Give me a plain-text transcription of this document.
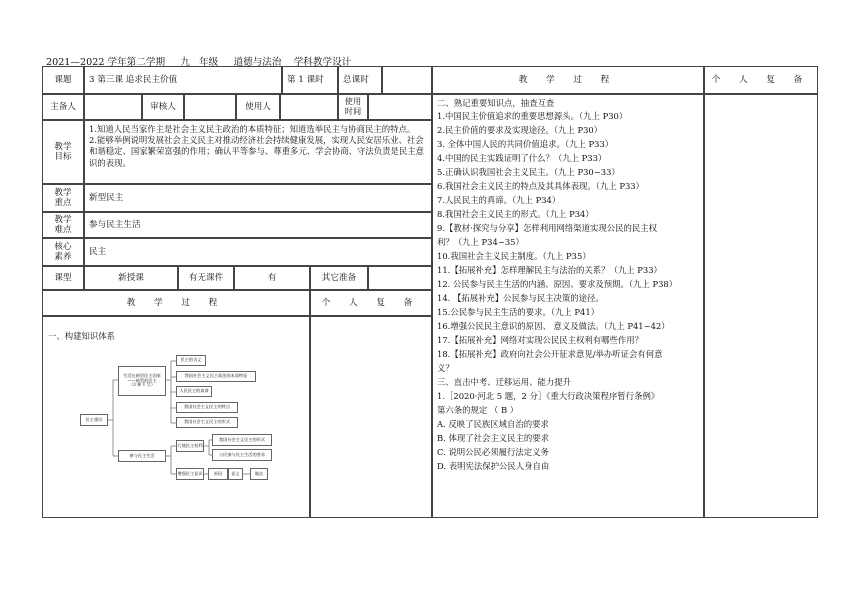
2021—2022 学年第二学期 九 年级 道德与法治 学科教学设计
课题	3 第三课 追求民主价值	第 1 课时	总课时
主备人	审核人	使用人
使用时间
教学目标
1.知道人民当家作主是社会主义民主政治的本质特征；知道选举民主与协商民主的特点。
2.能够举例说明发展社会主义民主对推动经济社会持续健康发展，实现人民安居乐业、社会和谐稳定、国家繁荣富强的作用；确认平等参与、尊重多元、学会协商、守法负责是民主意识的表现。
教学重点
新型民主
教学难点
参与民主生活
核心素养
民主
课型	新授课	有无课件	有	其它准备
教 学 过 程	个 人 复 备
一、构建知识体系
民主建设
生活在新型民主国家——新型的民主
（3 种 1 号）
民主的含义
我国社会主义民主政治的本质特征
人民民主的真谛
我国社会主义民主的特点
我国社会主义民主的形式
参与民主生活
行使民主权利
增强民主意识
我国社会主义民主的形式
公民参与民主生活的要求
原因	意义	做法
教 学 过 程	个 人 复 备
二、熟记重要知识点，抽查互查
1.中国民主价值追求的重要思想源头。（九上 P30）
2.民主价值的要求及实现途径。（九上 P30）
3. 全体中国人民的共同价值追求。（九上 P33）
4.中国的民主实践证明了什么？（九上 P33）
5.正确认识我国社会主义民主。（九上 P30~33）
6.我国社会主义民主的特点及其具体表现。（九上 P33）
7.人民民主的真谛。（九上 P34）
8.我国社会主义民主的形式。（九上 P34）
9.【教材·探究与分享】怎样利用网络渠道实现公民的民主权
利？（九上 P34~35）
10.我国社会主义民主制度。（九上 P35）
11.【拓展补充】怎样理解民主与法治的关系？（九上 P33）
12. 公民参与民主生活的内涵、原因、要求及预期。（九上 P38）
14. 【拓展补充】公民参与民主决策的途径。
15.公民参与民主生活的要求。（九上 P41）
16.增强公民民主意识的原因、 意义及做法。（九上 P41~42）
17.【拓展补充】网络对实现公民民主权利有哪些作用？
18.【拓展补充】政府向社会公开征求意见/举办听证会有何意
义？
三、直击中考、迁移运用、能力提升
1.［2020·河北 5 题，2 分］《重大行政决策程序暂行条例》
第六条的规定 （ B ）
A. 反映了民族区域自治的要求
B. 体现了社会主义民主的要求
C. 说明公民必须履行法定义务
D. 表明宪法保护公民人身自由
